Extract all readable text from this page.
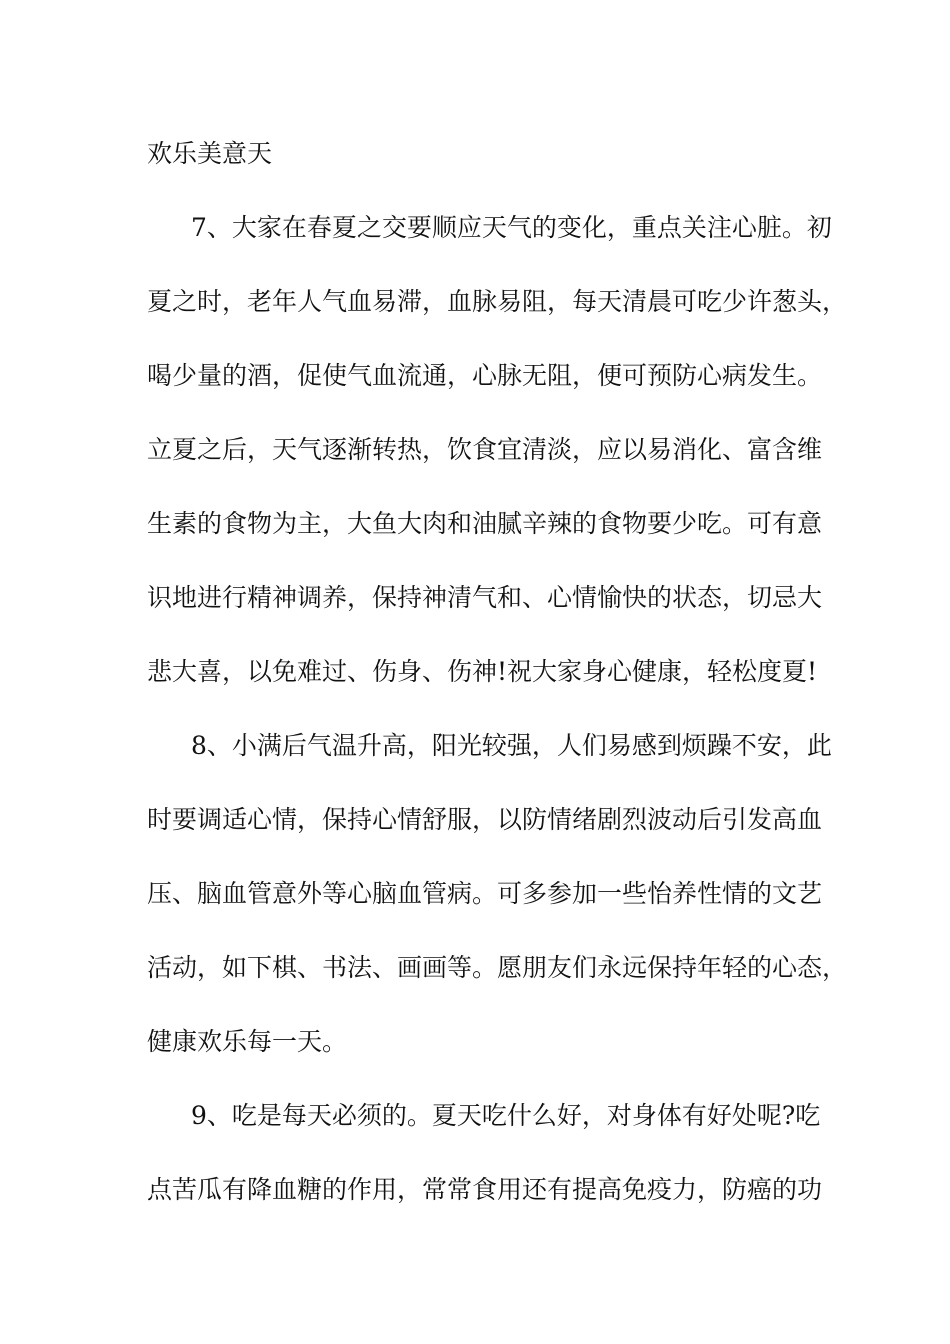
欢乐美意天
7、大家在春夏之交要顺应天气的变化，重点关注心脏。初
夏之时，老年人气血易滞，血脉易阻，每天清晨可吃少许葱头，
喝少量的酒，促使气血流通，心脉无阻，便可预防心病发生。
立夏之后，天气逐渐转热，饮食宜清淡，应以易消化、富含维
生素的食物为主，大鱼大肉和油腻辛辣的食物要少吃。可有意
识地进行精神调养，保持神清气和、心情愉快的状态，切忌大
悲大喜，以免难过、伤身、伤神!祝大家身心健康，轻松度夏!
8、小满后气温升高，阳光较强，人们易感到烦躁不安，此
时要调适心情，保持心情舒服，以防情绪剧烈波动后引发高血
压、脑血管意外等心脑血管病。可多参加一些怡养性情的文艺
活动，如下棋、书法、画画等。愿朋友们永远保持年轻的心态，
健康欢乐每一天。
9、吃是每天必须的。夏天吃什么好，对身体有好处呢?吃
点苦瓜有降血糖的作用，常常食用还有提高免疫力，防癌的功
